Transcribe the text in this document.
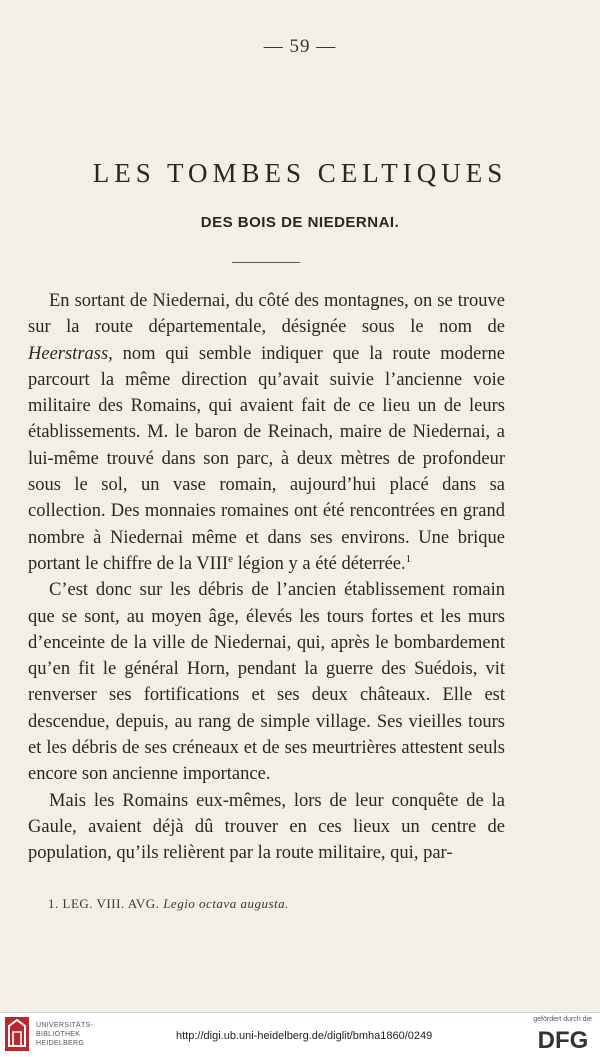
— 59 —
LES TOMBES CELTIQUES
DES BOIS DE NIEDERNAI.

En sortant de Niedernai, du côté des montagnes, on se trouve sur la route départementale, désignée sous le nom de Heerstrass, nom qui semble indiquer que la route moderne parcourt la même direction qu’avait suivie l’ancienne voie militaire des Romains, qui avaient fait de ce lieu un de leurs établissements. M. le baron de Reinach, maire de Niedernai, a lui-même trouvé dans son parc, à deux mètres de profondeur sous le sol, un vase romain, aujourd’hui placé dans sa collection. Des monnaies romaines ont été rencontrées en grand nombre à Niedernai même et dans ses environs. Une brique portant le chiffre de la VIIIe légion y a été déterrée.$^1$

C’est donc sur les débris de l’ancien établissement romain que se sont, au moyen âge, élevés les tours fortes et les murs d’enceinte de la ville de Niedernai, qui, après le bombardement qu’en fit le général Horn, pendant la guerre des Suédois, vit renverser ses fortifications et ses deux châteaux. Elle est descendue, depuis, au rang de simple village. Ses vieilles tours et les débris de ses créneaux et de ses meurtrières attestent seuls encore son ancienne importance.

Mais les Romains eux-mêmes, lors de leur conquête de la Gaule, avaient déjà dû trouver en ces lieux un centre de population, qu’ils relièrent par la route militaire, qui, par-

1. LEG. VIII. AVG. Legio octava augusta.
UNIVERSITÄTS-
BIBLIOTHEK
HEIDELBERG
http://digi.ub.uni-heidelberg.de/diglit/bmha1860/0249
gefördert durch die
DFG
